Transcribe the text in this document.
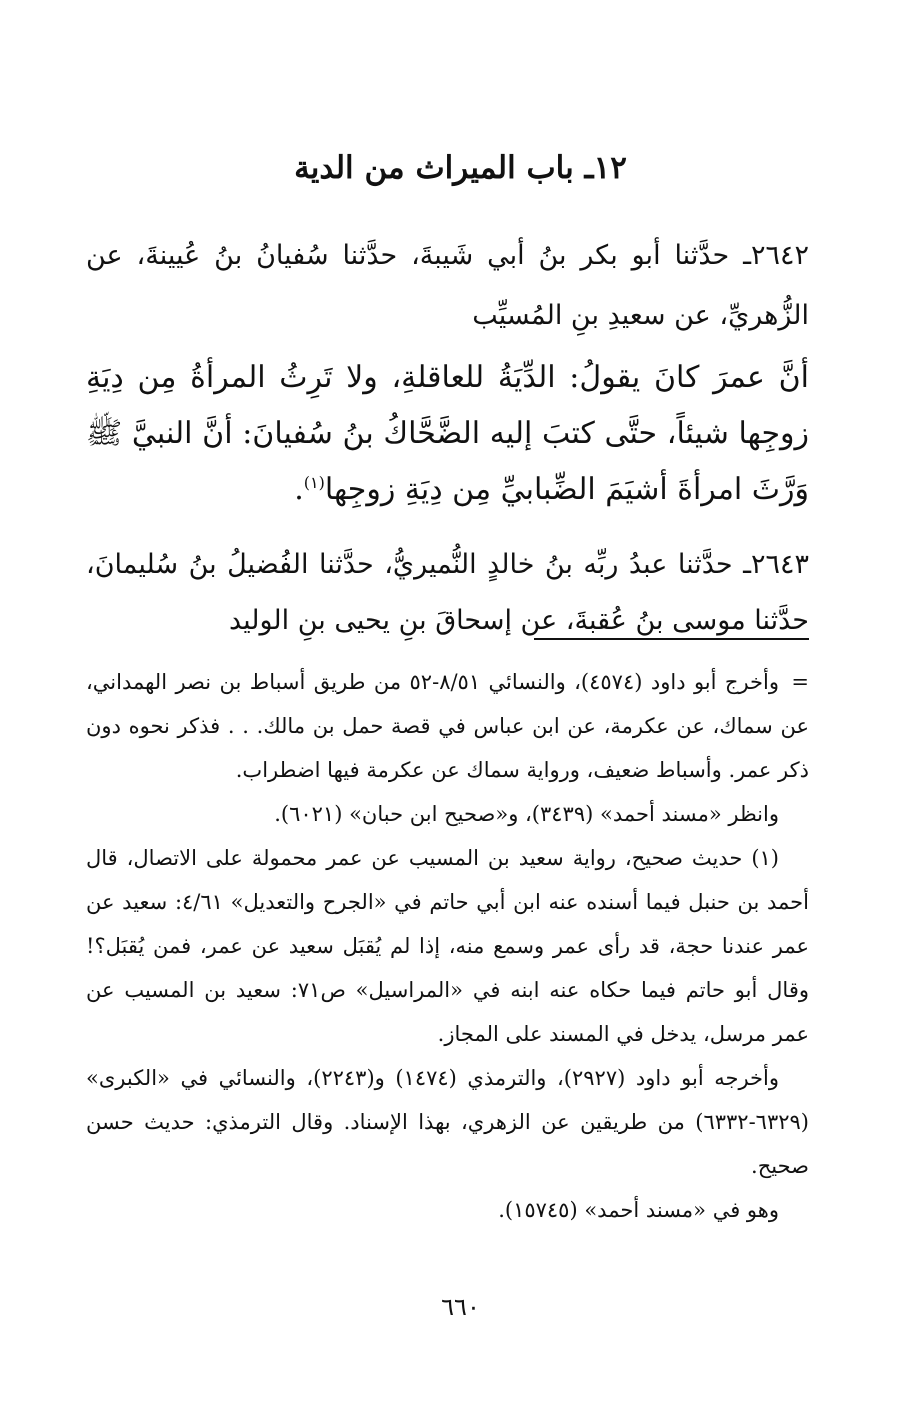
١٢ـ باب الميراث من الدية
٢٦٤٢ـ حدَّثنا أبو بكر بنُ أبي شَيبةَ، حدَّثنا سُفيانُ بنُ عُيينةَ، عن الزُّهريِّ، عن سعيدِ بنِ المُسيِّب
أنَّ عمرَ كانَ يقولُ: الدِّيَةُ للعاقلةِ، ولا تَرِثُ المرأةُ مِن دِيَةِ زوجِها شيئاً، حتَّى كتبَ إليه الضَّحَّاكُ بنُ سُفيانَ: أنَّ النبيَّ ﷺ وَرَّثَ امرأةَ أشيَمَ الضِّبابيِّ مِن دِيَةِ زوجِها$^{(١)}$.
٢٦٤٣ـ حدَّثنا عبدُ ربِّه بنُ خالدٍ النُّميريُّ، حدَّثنا الفُضيلُ بنُ سُليمانَ، حدَّثنا موسى بنُ عُقبةَ، عن إسحاقَ بنِ يحيى بنِ الوليد

=
وأخرج أبو داود (٤٥٧٤)، والنسائي ٨/٥١-٥٢ من طريق أسباط بن نصر الهمداني، عن سماك، عن عكرمة، عن ابن عباس في قصة حمل بن مالك. . . فذكر نحوه دون ذكر عمر. وأسباط ضعيف، ورواية سماك عن عكرمة فيها اضطراب.

وانظر «مسند أحمد» (٣٤٣٩)، و«صحيح ابن حبان» (٦٠٢١).

(١) حديث صحيح، رواية سعيد بن المسيب عن عمر محمولة على الاتصال، قال أحمد بن حنبل فيما أسنده عنه ابن أبي حاتم في «الجرح والتعديل» ٤/٦١: سعيد عن عمر عندنا حجة، قد رأى عمر وسمع منه، إذا لم يُقبَل سعيد عن عمر، فمن يُقبَل؟! وقال أبو حاتم فيما حكاه عنه ابنه في «المراسيل» ص٧١: سعيد بن المسيب عن عمر مرسل، يدخل في المسند على المجاز.

وأخرجه أبو داود (٢٩٢٧)، والترمذي (١٤٧٤) و(٢٢٤٣)، والنسائي في «الكبرى» (٦٣٢٩-٦٣٣٢) من طريقين عن الزهري، بهذا الإسناد. وقال الترمذي: حديث حسن صحيح.

وهو في «مسند أحمد» (١٥٧٤٥).

٦٦٠
